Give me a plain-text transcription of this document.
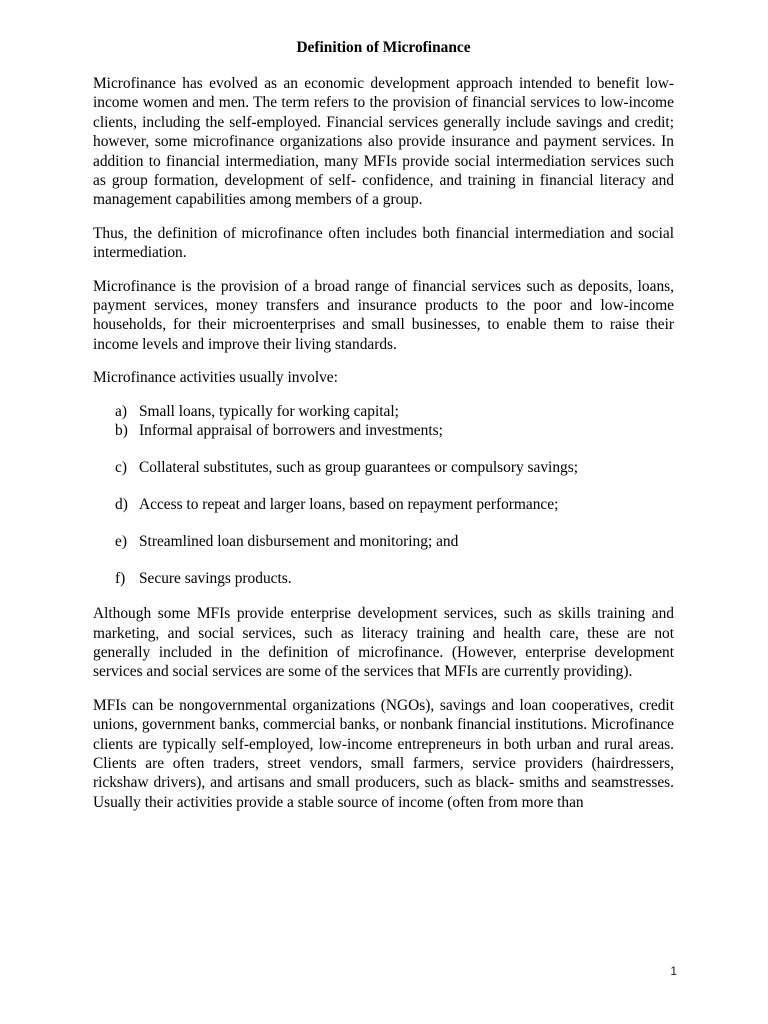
Definition of Microfinance

Microfinance has evolved as an economic development approach intended to benefit low-income women and men. The term refers to the provision of financial services to low-income clients, including the self-employed. Financial services generally include savings and credit; however, some microfinance organizations also provide insurance and payment services. In addition to financial intermediation, many MFIs provide social intermediation services such as group formation, development of self- confidence, and training in financial literacy and management capabilities among members of a group.

Thus, the definition of microfinance often includes both financial intermediation and social intermediation.

Microfinance is the provision of a broad range of financial services such as deposits, loans, payment services, money transfers and insurance products to the poor and low-income households, for their microenterprises and small businesses, to enable them to raise their income levels and improve their living standards.

Microfinance activities usually involve:

a) Small loans, typically for working capital;
b) Informal appraisal of borrowers and investments;
c) Collateral substitutes, such as group guarantees or compulsory savings;
d) Access to repeat and larger loans, based on repayment performance;
e) Streamlined loan disbursement and monitoring; and
f) Secure savings products.

Although some MFIs provide enterprise development services, such as skills training and marketing, and social services, such as literacy training and health care, these are not generally included in the definition of microfinance. (However, enterprise development services and social services are some of the services that MFIs are currently providing).

MFIs can be nongovernmental organizations (NGOs), savings and loan cooperatives, credit unions, government banks, commercial banks, or nonbank financial institutions. Microfinance clients are typically self-employed, low-income entrepreneurs in both urban and rural areas. Clients are often traders, street vendors, small farmers, service providers (hairdressers, rickshaw drivers), and artisans and small producers, such as black- smiths and seamstresses. Usually their activities provide a stable source of income (often from more than

1
